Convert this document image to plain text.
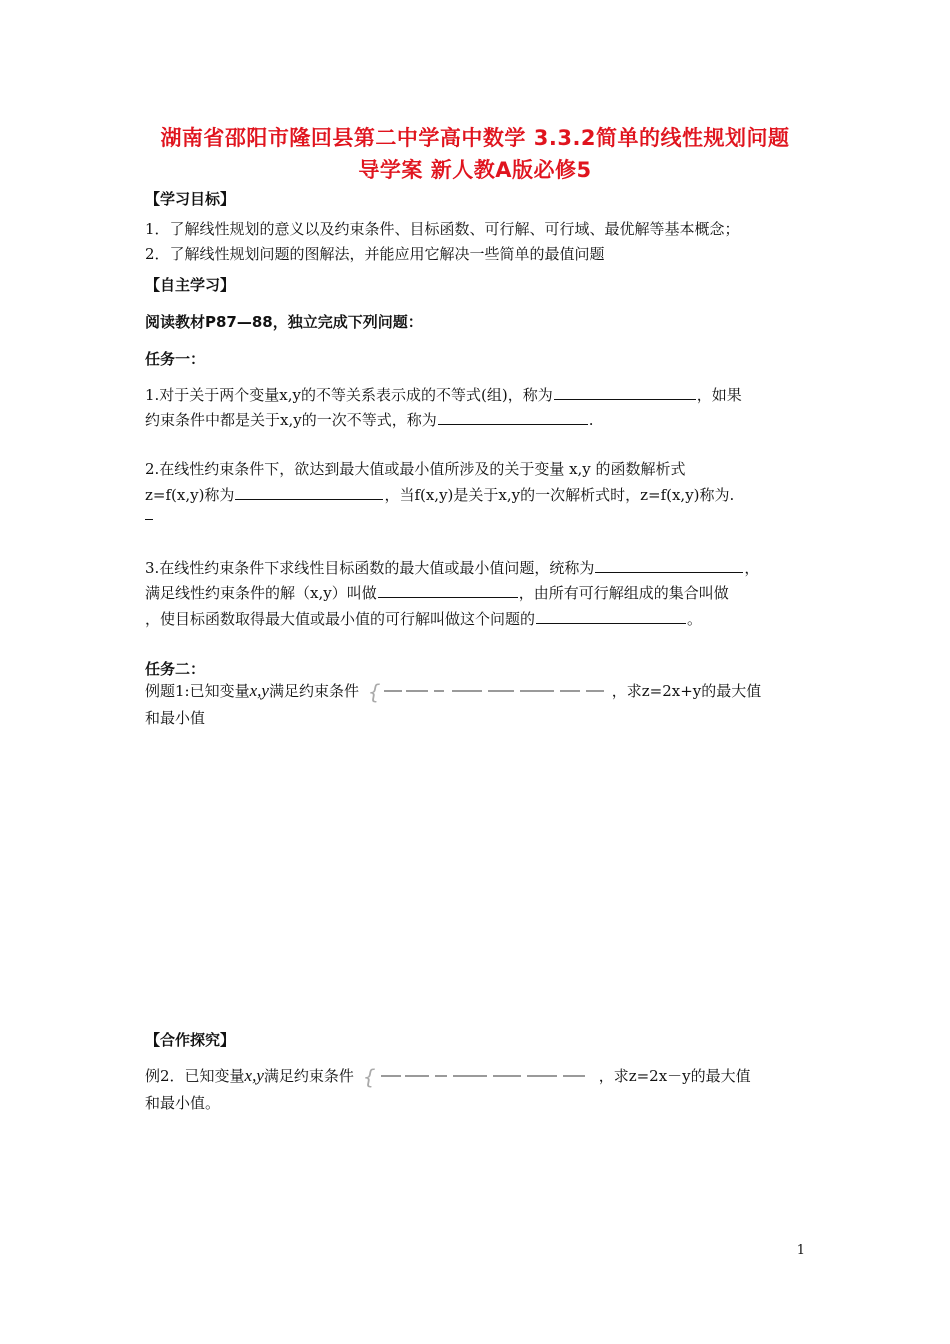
湖南省邵阳市隆回县第二中学高中数学 3.3.2简单的线性规划问题
导学案 新人教A版必修5
【学习目标】
1．了解线性规划的意义以及约束条件、目标函数、可行解、可行域、最优解等基本概念；
2．了解线性规划问题的图解法，并能应用它解决一些简单的最值问题
【自主学习】
阅读教材P87—88，独立完成下列问题：
任务一：
1.对于关于两个变量x,y的不等关系表示成的不等式(组)，称为	，如果
约束条件中都是关于x,y的一次不等式，称为	.
2.在线性约束条件下，欲达到最大值或最小值所涉及的关于变量 x,y 的函数解析式
z=f(x,y)称为	，当f(x,y)是关于x,y的一次解析式时，z=f(x,y)称为.
3.在线性约束条件下求线性目标函数的最大值或最小值问题，统称为	，
满足线性约束条件的解（x,y）叫做	，由所有可行解组成的集合叫做
，使目标函数取得最大值或最小值的可行解叫做这个问题的	。
任务二：
例题1:已知变量x,y满足约束条件 {	，求z=2x+y的最大值
和最小值
【合作探究】
例2．已知变量x,y满足约束条件 {	，求z=2x－y的最大值
和最小值。
1
